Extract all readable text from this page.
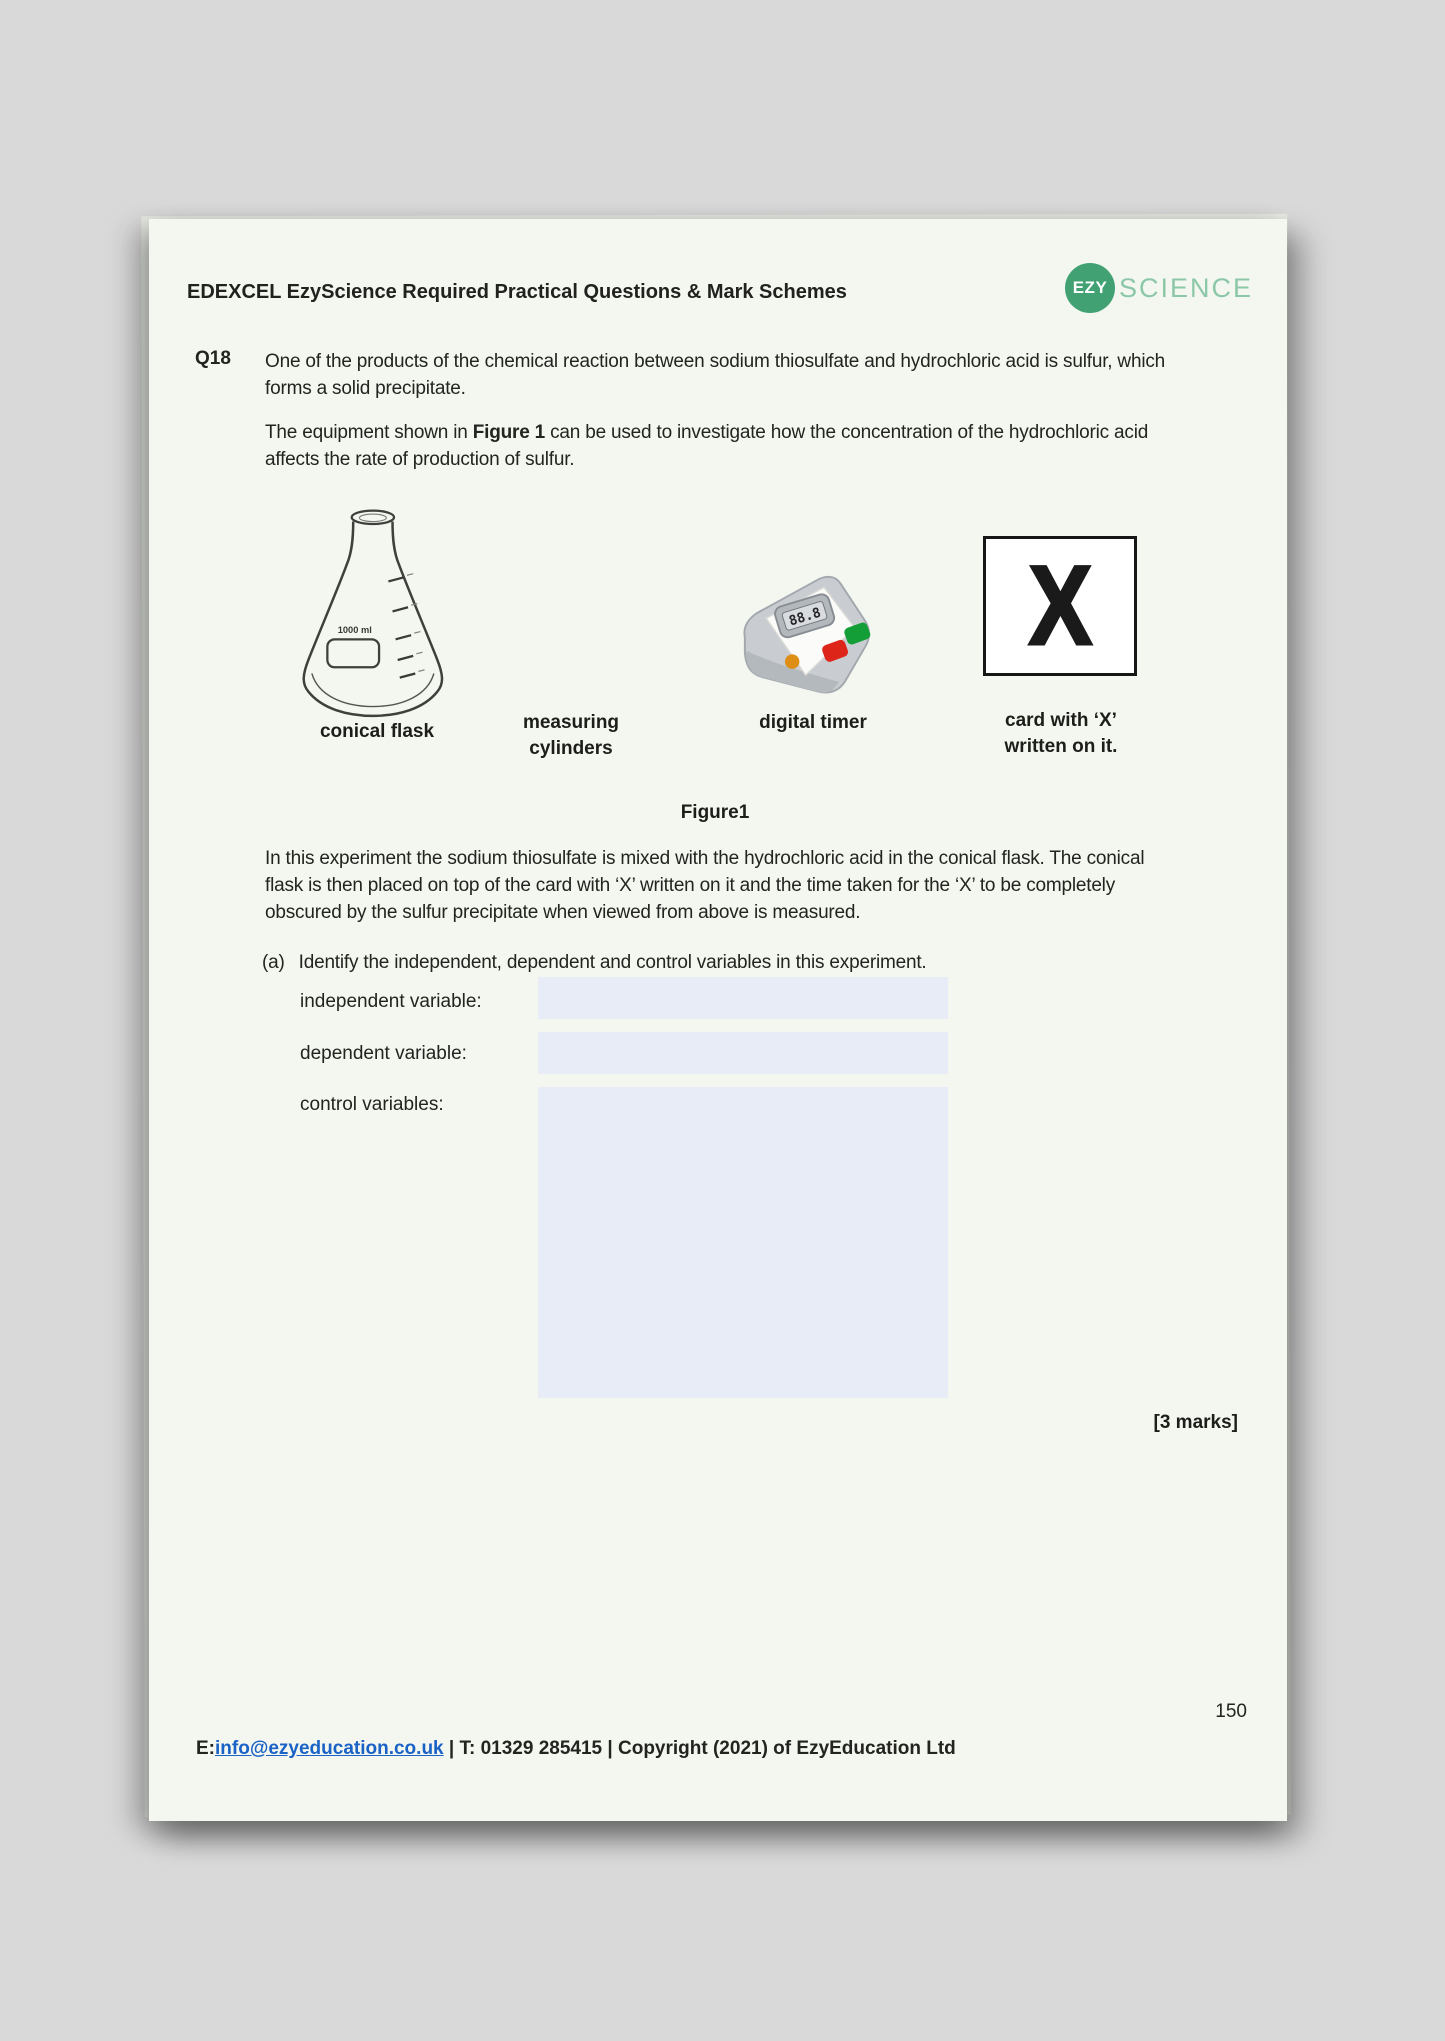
EDEXCEL EzyScience Required Practical Questions & Mark Schemes	EZY SCIENCE
Q18 One of the products of the chemical reaction between sodium thiosulfate and hydrochloric acid is sulfur, which
forms a solid precipitate.
The equipment shown in Figure 1 can be used to investigate how the concentration of the hydrochloric acid
affects the rate of production of sulfur.
1000 ml
88.8 X
conical flask	measuring
cylinders
digital timer	card with ‘X’
written on it.
Figure1
In this experiment the sodium thiosulfate is mixed with the hydrochloric acid in the conical flask. The conical
flask is then placed on top of the card with ‘X’ written on it and the time taken for the ‘X’ to be completely
obscured by the sulfur precipitate when viewed from above is measured.
(a) Identify the independent, dependent and control variables in this experiment.
independent variable:
dependent variable:
control variables:
[3 marks]
150
E: info@ezyeducation.co.uk | T: 01329 285415 | Copyright (2021) of EzyEducation Ltd
